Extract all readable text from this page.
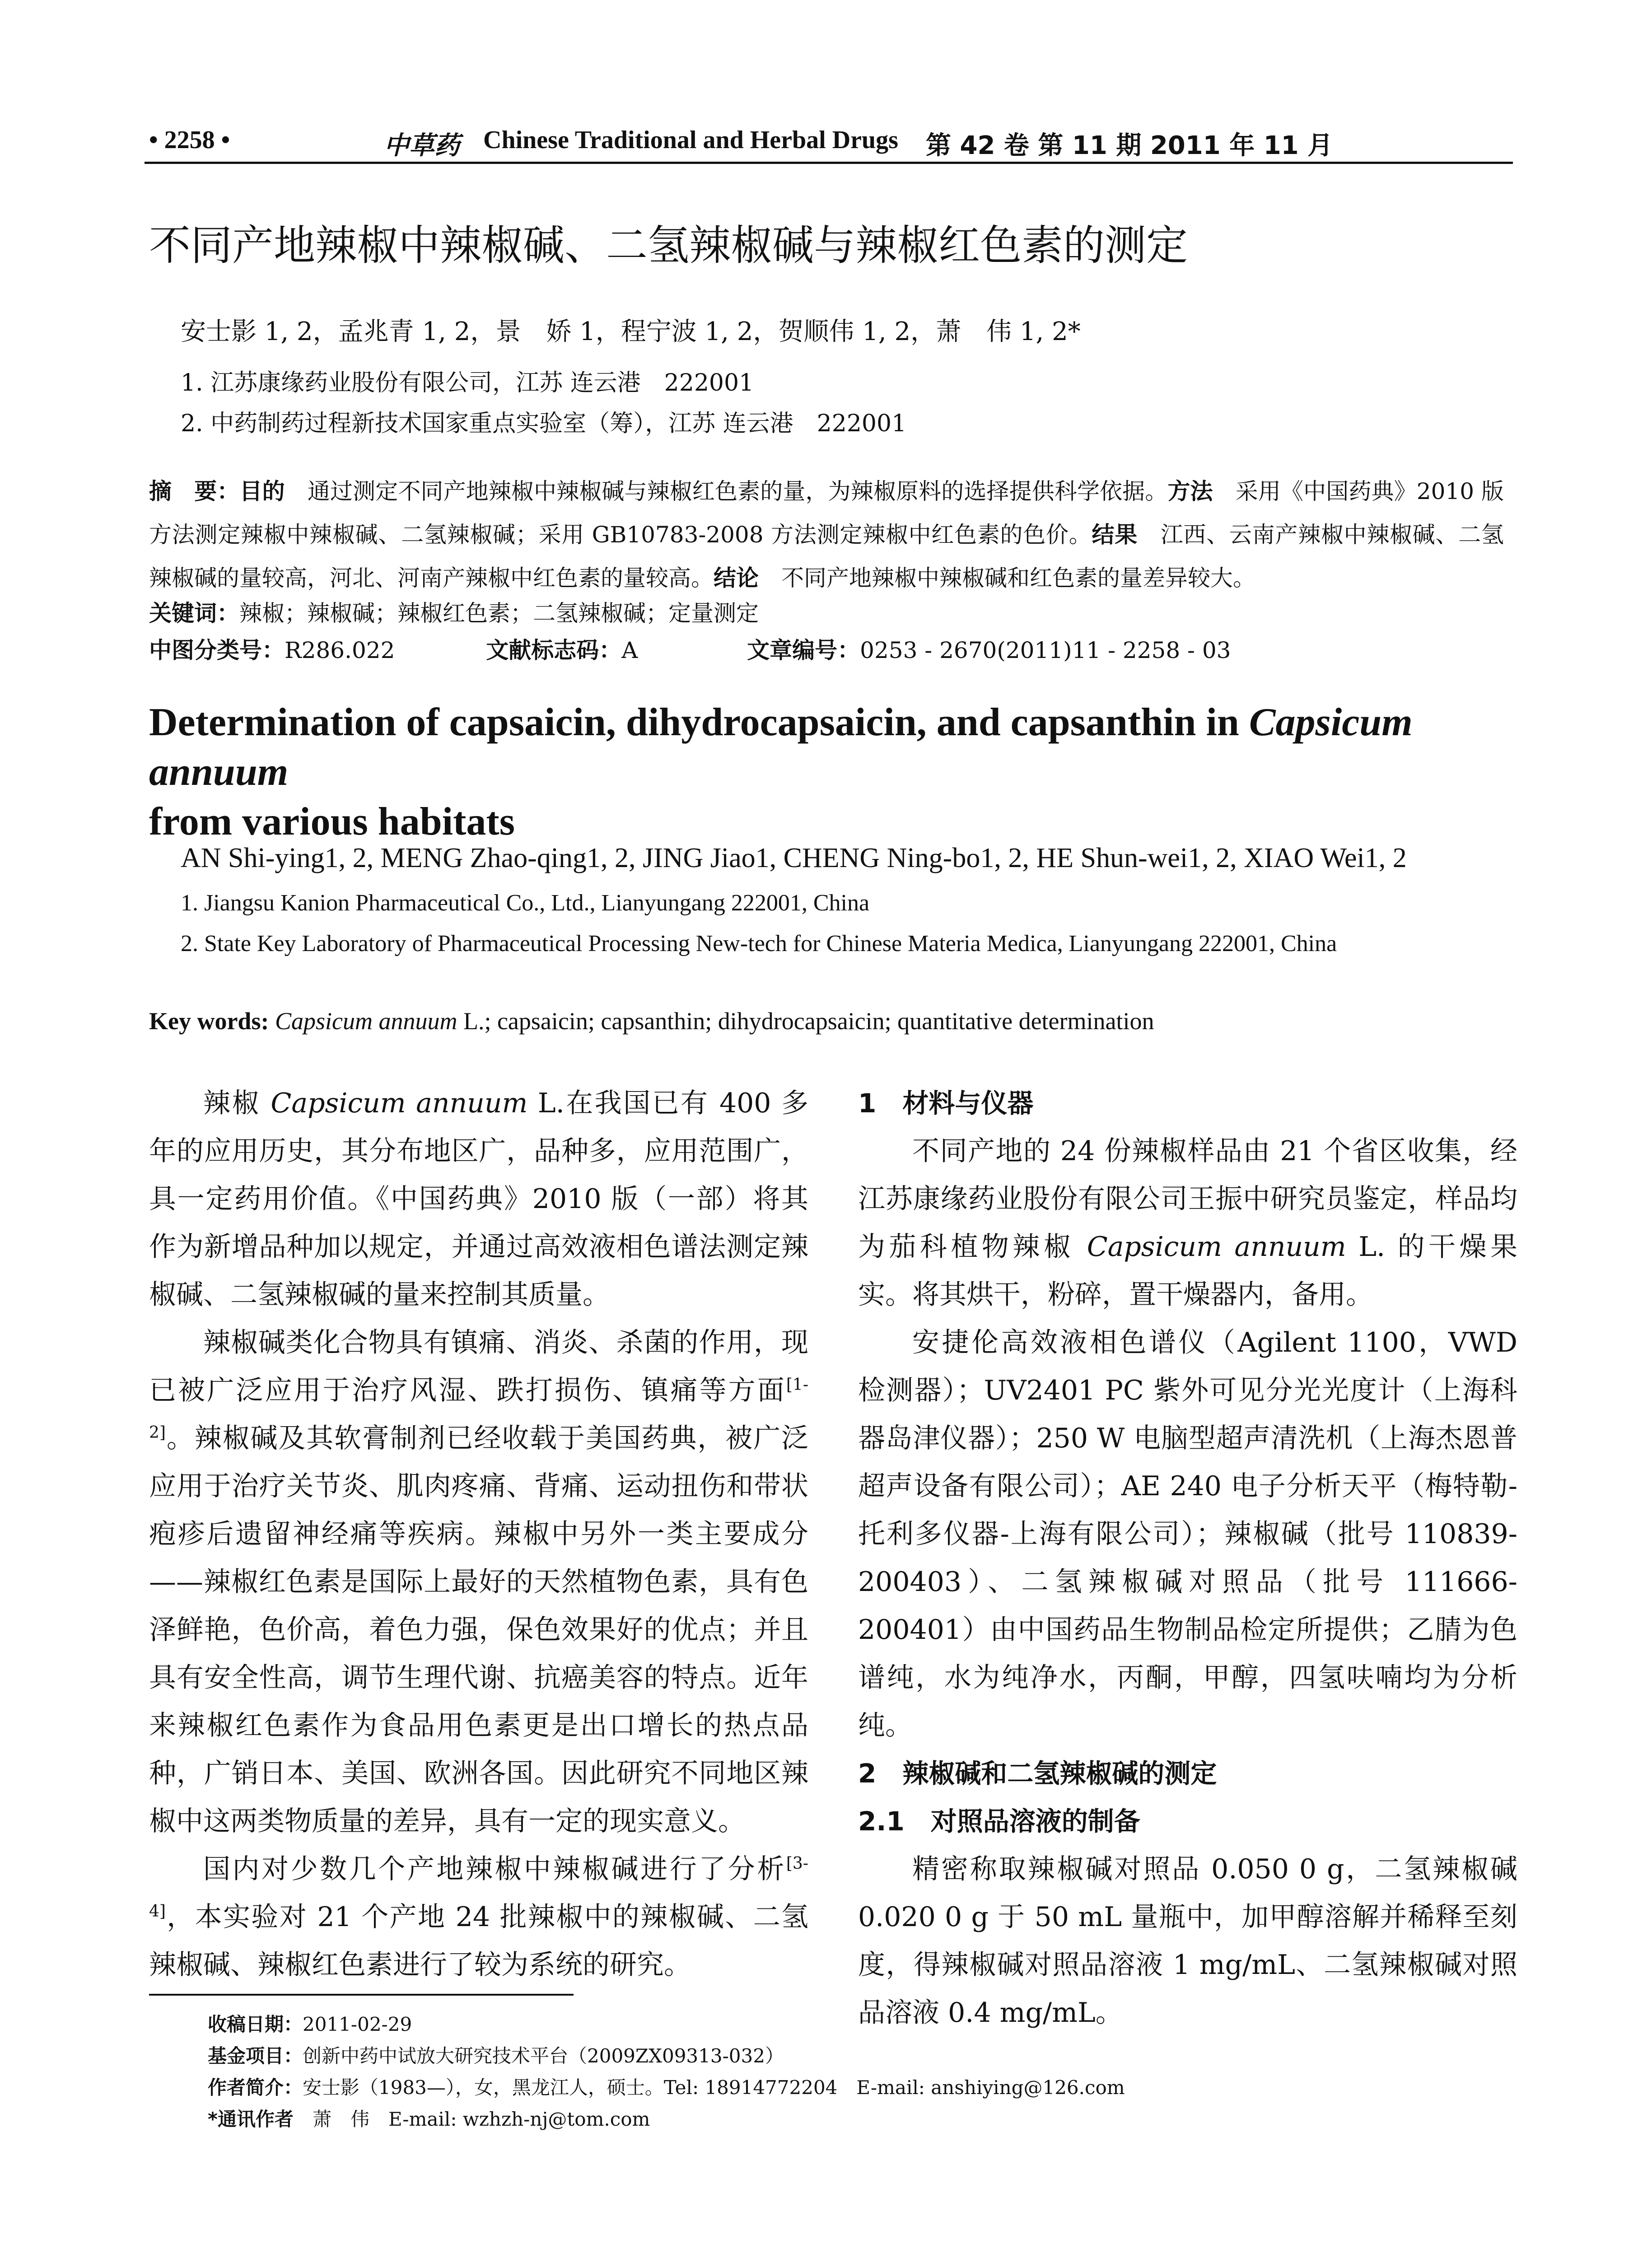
• 2258 •	中草药 Chinese Traditional and Herbal Drugs 第 42 卷 第 11 期 2011 年 11 月
不同产地辣椒中辣椒碱、二氢辣椒碱与辣椒红色素的测定
安士影 1, 2，孟兆青 1, 2，景　娇 1，程宁波 1, 2，贺顺伟 1, 2，萧　伟 1, 2*
1. 江苏康缘药业股份有限公司，江苏 连云港　222001
2. 中药制药过程新技术国家重点实验室（筹），江苏 连云港　222001
摘　要：目的　通过测定不同产地辣椒中辣椒碱与辣椒红色素的量，为辣椒原料的选择提供科学依据。方法　采用《中国药典》2010 版方法测定辣椒中辣椒碱、二氢辣椒碱；采用 GB10783-2008 方法测定辣椒中红色素的色价。结果　江西、云南产辣椒中辣椒碱、二氢辣椒碱的量较高，河北、河南产辣椒中红色素的量较高。结论　不同产地辣椒中辣椒碱和红色素的量差异较大。
关键词：辣椒；辣椒碱；辣椒红色素；二氢辣椒碱；定量测定
中图分类号：R286.022	文献标志码：A	文章编号：0253 - 2670(2011)11 - 2258 - 03
Determination of capsaicin, dihydrocapsaicin, and capsanthin in Capsicum annuum
from various habitats
AN Shi-ying1, 2, MENG Zhao-qing1, 2, JING Jiao1, CHENG Ning-bo1, 2, HE Shun-wei1, 2, XIAO Wei1, 2
1. Jiangsu Kanion Pharmaceutical Co., Ltd., Lianyungang 222001, China
2. State Key Laboratory of Pharmaceutical Processing New-tech for Chinese Materia Medica, Lianyungang 222001, China
Key words: Capsicum annuum L.; capsaicin; capsanthin; dihydrocapsaicin; quantitative determination

辣椒 Capsicum annuum L.在我国已有 400 多年的应用历史，其分布地区广，品种多，应用范围广，具一定药用价值。《中国药典》2010 版（一部）将其作为新增品种加以规定，并通过高效液相色谱法测定辣椒碱、二氢辣椒碱的量来控制其质量。

辣椒碱类化合物具有镇痛、消炎、杀菌的作用，现已被广泛应用于治疗风湿、跌打损伤、镇痛等方面[1-2]。辣椒碱及其软膏制剂已经收载于美国药典，被广泛应用于治疗关节炎、肌肉疼痛、背痛、运动扭伤和带状疱疹后遗留神经痛等疾病。辣椒中另外一类主要成分——辣椒红色素是国际上最好的天然植物色素，具有色泽鲜艳，色价高，着色力强，保色效果好的优点；并且具有安全性高，调节生理代谢、抗癌美容的特点。近年来辣椒红色素作为食品用色素更是出口增长的热点品种，广销日本、美国、欧洲各国。因此研究不同地区辣椒中这两类物质量的差异，具有一定的现实意义。

国内对少数几个产地辣椒中辣椒碱进行了分析[3-4]，本实验对 21 个产地 24 批辣椒中的辣椒碱、二氢辣椒碱、辣椒红色素进行了较为系统的研究。

1　材料与仪器

不同产地的 24 份辣椒样品由 21 个省区收集，经江苏康缘药业股份有限公司王振中研究员鉴定，样品均为茄科植物辣椒 Capsicum annuum L. 的干燥果实。将其烘干，粉碎，置干燥器内，备用。

安捷伦高效液相色谱仪（Agilent 1100，VWD 检测器）；UV2401 PC 紫外可见分光光度计（上海科器岛津仪器）；250 W 电脑型超声清洗机（上海杰恩普超声设备有限公司）；AE 240 电子分析天平（梅特勒-托利多仪器-上海有限公司）；辣椒碱（批号 110839-200403）、二氢辣椒碱对照品（批号 111666-200401）由中国药品生物制品检定所提供；乙腈为色谱纯，水为纯净水，丙酮，甲醇，四氢呋喃均为分析纯。

2　辣椒碱和二氢辣椒碱的测定
2.1　对照品溶液的制备

精密称取辣椒碱对照品 0.050 0 g，二氢辣椒碱 0.020 0 g 于 50 mL 量瓶中，加甲醇溶解并稀释至刻度，得辣椒碱对照品溶液 1 mg/mL、二氢辣椒碱对照品溶液 0.4 mg/mL。

收稿日期：2011-02-29
基金项目：创新中药中试放大研究技术平台（2009ZX09313-032）
作者简介：安士影（1983—），女，黑龙江人，硕士。Tel: 18914772204　E-mail: anshiying@126.com
*通讯作者　萧　伟　E-mail: wzhzh-nj@tom.com
